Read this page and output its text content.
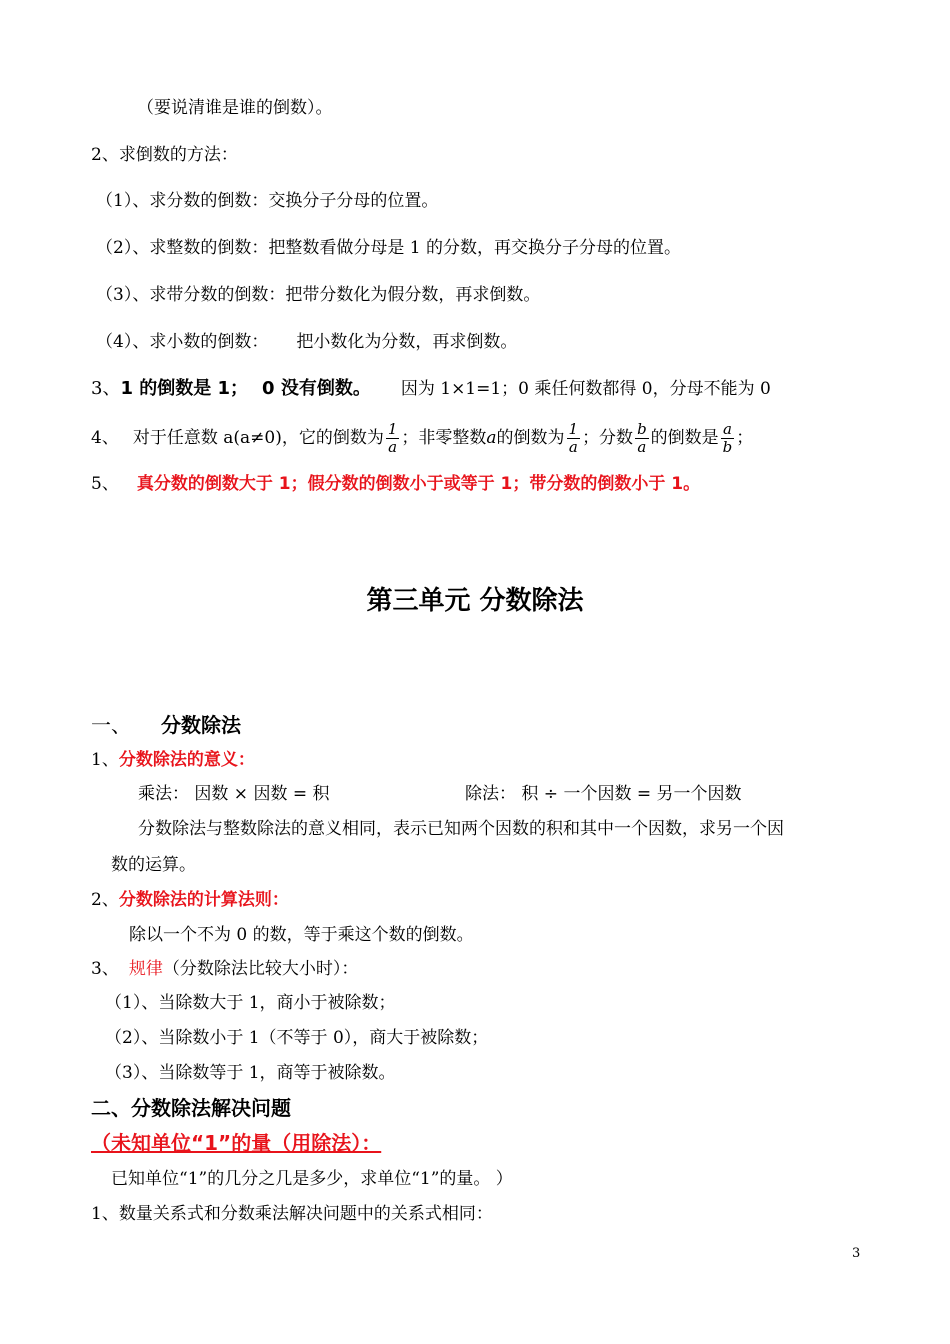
（要说清谁是谁的倒数）。
2、求倒数的方法：
（1）、求分数的倒数：交换分子分母的位置。
（2）、求整数的倒数：把整数看做分母是 1 的分数，再交换分子分母的位置。
（3）、求带分数的倒数：把带分数化为假分数，再求倒数。
（4）、求小数的倒数： 把小数化为分数，再求倒数。
3、1 的倒数是 1； 0 没有倒数。 因为 1×1=1；0 乘任何数都得 0，分母不能为 0
4、 对于任意数 a(a≠0)，它的倒数为 $\frac{1}{a}$ ；非零整数a的倒数为 $\frac{1}{a}$ ；分数 $\frac{b}{a}$ 的倒数是 $\frac{a}{b}$ ；
5、 真分数的倒数大于 1；假分数的倒数小于或等于 1；带分数的倒数小于 1。
第三单元 分数除法
一、 分数除法
1、分数除法的意义：
乘法： 因数 × 因数 = 积	除法： 积 ÷ 一个因数 = 另一个因数
分数除法与整数除法的意义相同，表示已知两个因数的积和其中一个因数，求另一个因
数的运算。
2、分数除法的计算法则：
除以一个不为 0 的数，等于乘这个数的倒数。
3、 规律（分数除法比较大小时）：
（1）、当除数大于 1，商小于被除数；
（2）、当除数小于 1（不等于 0），商大于被除数；
（3）、当除数等于 1，商等于被除数。
二、分数除法解决问题
（未知单位“1”的量（用除法）：
已知单位“1”的几分之几是多少，求单位“1”的量。 ）
1、数量关系式和分数乘法解决问题中的关系式相同：
3
